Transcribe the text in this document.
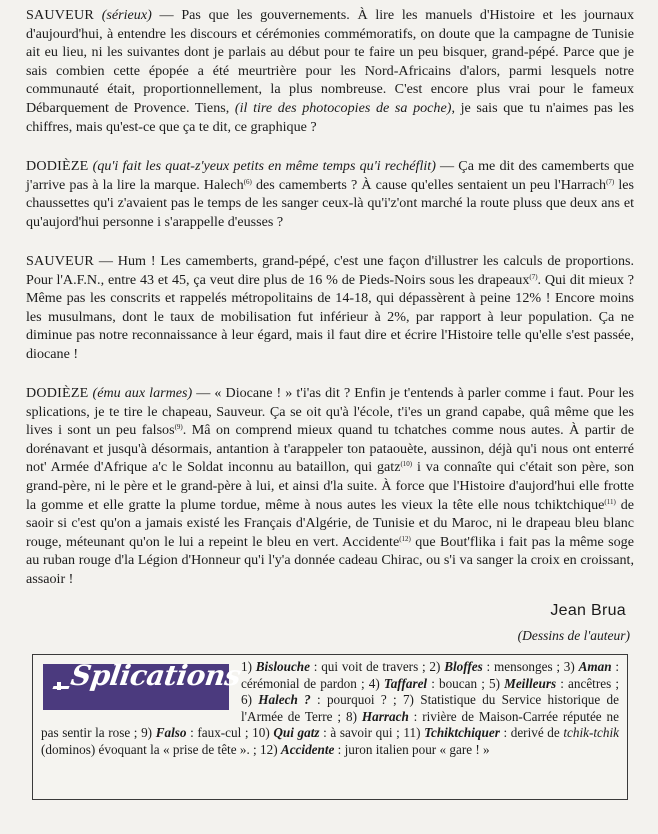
SAUVEUR (sérieux) — Pas que les gouvernements. À lire les manuels d'Histoire et les journaux d'aujourd'hui, à entendre les discours et cérémonies commémoratifs, on doute que la campagne de Tunisie ait eu lieu, ni les suivantes dont je parlais au début pour te faire un peu bisquer, grand-pépé. Parce que je sais combien cette épopée a été meurtrière pour les Nord-Africains d'alors, parmi lesquels notre communauté était, proportionnellement, la plus nombreuse. C'est encore plus vrai pour le fameux Débarquement de Provence. Tiens, (il tire des photocopies de sa poche), je sais que tu n'aimes pas les chiffres, mais qu'est-ce que ça te dit, ce graphique ?

DODIÈZE (qu'i fait les quat-z'yeux petits en même temps qu'i rechéflit) — Ça me dit des camemberts que j'arrive pas à la lire la marque. Halech$^{(6)}$ des camemberts ? À cause qu'elles sentaient un peu l'Harrach$^{(7)}$ les chaussettes qu'i z'avaient pas le temps de les sanger ceux-là qu'i'z'ont marché la route pluss que deux ans et qu'aujord'hui personne i s'arappelle d'eusses ?

SAUVEUR — Hum ! Les camemberts, grand-pépé, c'est une façon d'illustrer les calculs de proportions. Pour l'A.F.N., entre 43 et 45, ça veut dire plus de 16 % de Pieds-Noirs sous les drapeaux$^{(7)}$. Qui dit mieux ? Même pas les conscrits et rappelés métropolitains de 14-18, qui dépassèrent à peine 12% ! Encore moins les musulmans, dont le taux de mobilisation fut inférieur à 2%, par rapport à leur population. Ça ne diminue pas notre reconnaissance à leur égard, mais il faut dire et écrire l'Histoire telle qu'elle s'est passée, diocane !

DODIÈZE (ému aux larmes) — « Diocane ! » t'i'as dit ? Enfin je t'entends à parler comme i faut. Pour les splications, je te tire le chapeau, Sauveur. Ça se oit qu'à l'école, t'i'es un grand capabe, quâ même que les lives i sont un peu falsos$^{(9)}$. Mâ on comprend mieux quand tu tchatches comme nous autes. À partir de dorénavant et jusqu'à désormais, antantion à t'arappeler ton pataouète, aussinon, déjà qu'i nous ont enterré not' Armée d'Afrique a'c le Soldat inconnu au bataillon, qui gatz$^{(10)}$ i va connaîte qui c'était son père, son grand-père, ni le père et le grand-père à lui, et ainsi d'la suite. À force que l'Histoire d'aujord'hui elle frotte la gomme et elle gratte la plume tordue, même à nous autes les vieux la tête elle nous tchiktchique$^{(11)}$ de saoir si c'est qu'on a jamais existé les Français d'Algérie, de Tunisie et du Maroc, ni le drapeau bleu blanc rouge, méteunant qu'on le lui a repeint le bleu en vert. Accidente$^{(12)}$ que Bout'flika i fait pas la même soge au ruban rouge d'la Légion d'Honneur qu'i l'y'a donnée cadeau Chirac, ou s'i va sanger la croix en croissant, assaoir !

Jean Brua
(Dessins de l'auteur)
Splications
1) Bislouche : qui voit de travers ; 2) Bloffes : mensonges ; 3) Aman : cérémonial de pardon ; 4) Taffarel : boucan ; 5) Meilleurs : ancêtres ; 6) Halech ? : pourquoi ? ; 7) Statistique du Service historique de l'Armée de Terre ; 8) Harrach : rivière de Maison-Carrée réputée ne pas sentir la rose ; 9) Falso : faux-cul ; 10) Qui gatz : à savoir qui ; 11) Tchiktchiquer : derivé de tchik-tchik (dominos) évoquant la « prise de tête ». ; 12) Accidente : juron italien pour « gare ! »
